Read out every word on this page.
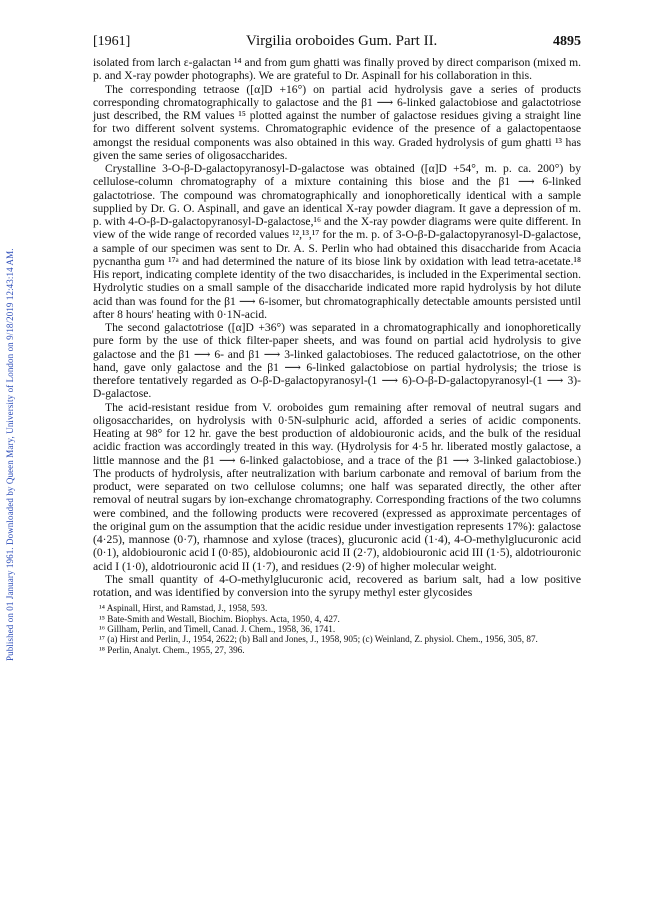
Published on 01 January 1961. Downloaded by Queen Mary, University of London on 9/18/2019 12:43:14 AM.
[1961]	Virgilia oroboides Gum. Part II.	4895

isolated from larch ε-galactan ¹⁴ and from gum ghatti was finally proved by direct comparison (mixed m. p. and X-ray powder photographs). We are grateful to Dr. Aspinall for his collaboration in this.

The corresponding tetraose ([α]D +16°) on partial acid hydrolysis gave a series of products corresponding chromatographically to galactose and the β1 ⟶ 6-linked galactobiose and galactotriose just described, the RM values ¹⁵ plotted against the number of galactose residues giving a straight line for two different solvent systems. Chromatographic evidence of the presence of a galactopentaose amongst the residual components was also obtained in this way. Graded hydrolysis of gum ghatti ¹³ has given the same series of oligosaccharides.

Crystalline 3-O-β-D-galactopyranosyl-D-galactose was obtained ([α]D +54°, m. p. ca. 200°) by cellulose-column chromatography of a mixture containing this biose and the β1 ⟶ 6-linked galactotriose. The compound was chromatographically and ionophoretically identical with a sample supplied by Dr. G. O. Aspinall, and gave an identical X-ray powder diagram. It gave a depression of m. p. with 4-O-β-D-galactopyranosyl-D-galactose,¹⁶ and the X-ray powder diagrams were quite different. In view of the wide range of recorded values ¹²,¹³,¹⁷ for the m. p. of 3-O-β-D-galactopyranosyl-D-galactose, a sample of our specimen was sent to Dr. A. S. Perlin who had obtained this disaccharide from Acacia pycnantha gum ¹⁷ᵃ and had determined the nature of its biose link by oxidation with lead tetra-acetate.¹⁸ His report, indicating complete identity of the two disaccharides, is included in the Experimental section. Hydrolytic studies on a small sample of the disaccharide indicated more rapid hydrolysis by hot dilute acid than was found for the β1 ⟶ 6-isomer, but chromatographically detectable amounts persisted until after 8 hours' heating with 0·1N-acid.

The second galactotriose ([α]D +36°) was separated in a chromatographically and ionophoretically pure form by the use of thick filter-paper sheets, and was found on partial acid hydrolysis to give galactose and the β1 ⟶ 6- and β1 ⟶ 3-linked galactobioses. The reduced galactotriose, on the other hand, gave only galactose and the β1 ⟶ 6-linked galactobiose on partial hydrolysis; the triose is therefore tentatively regarded as O-β-D-galactopyranosyl-(1 ⟶ 6)-O-β-D-galactopyranosyl-(1 ⟶ 3)-D-galactose.

The acid-resistant residue from V. oroboides gum remaining after removal of neutral sugars and oligosaccharides, on hydrolysis with 0·5N-sulphuric acid, afforded a series of acidic components. Heating at 98° for 12 hr. gave the best production of aldobiouronic acids, and the bulk of the residual acidic fraction was accordingly treated in this way. (Hydrolysis for 4·5 hr. liberated mostly galactose, a little mannose and the β1 ⟶ 6-linked galactobiose, and a trace of the β1 ⟶ 3-linked galactobiose.) The products of hydrolysis, after neutralization with barium carbonate and removal of barium from the product, were separated on two cellulose columns; one half was separated directly, the other after removal of neutral sugars by ion-exchange chromatography. Corresponding fractions of the two columns were combined, and the following products were recovered (expressed as approximate percentages of the original gum on the assumption that the acidic residue under investigation represents 17%): galactose (4·25), mannose (0·7), rhamnose and xylose (traces), glucuronic acid (1·4), 4-O-methylglucuronic acid (0·1), aldobiouronic acid I (0·85), aldobiouronic acid II (2·7), aldobiouronic acid III (1·5), aldotriouronic acid I (1·0), aldotriouronic acid II (1·7), and residues (2·9) of higher molecular weight.

The small quantity of 4-O-methylglucuronic acid, recovered as barium salt, had a low positive rotation, and was identified by conversion into the syrupy methyl ester glycosides

¹⁴ Aspinall, Hirst, and Ramstad, J., 1958, 593.

¹⁵ Bate-Smith and Westall, Biochim. Biophys. Acta, 1950, 4, 427.

¹⁶ Gillham, Perlin, and Timell, Canad. J. Chem., 1958, 36, 1741.

¹⁷ (a) Hirst and Perlin, J., 1954, 2622; (b) Ball and Jones, J., 1958, 905; (c) Weinland, Z. physiol. Chem., 1956, 305, 87.

¹⁸ Perlin, Analyt. Chem., 1955, 27, 396.
